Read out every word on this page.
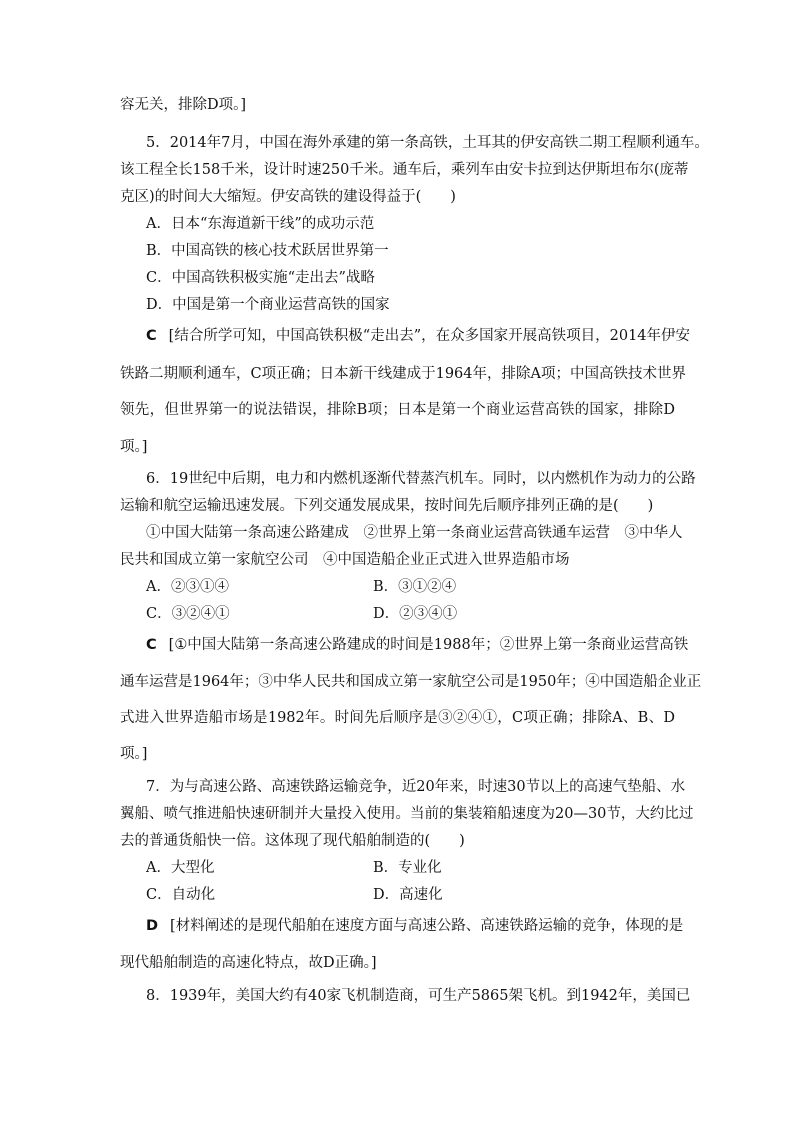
容无关，排除D项。]
5．2014年7月，中国在海外承建的第一条高铁，土耳其的伊安高铁二期工程顺利通车。
该工程全长158千米，设计时速250千米。通车后，乘列车由安卡拉到达伊斯坦布尔(庞蒂
克区)的时间大大缩短。伊安高铁的建设得益于(　　)
A．日本“东海道新干线”的成功示范
B．中国高铁的核心技术跃居世界第一
C．中国高铁积极实施“走出去”战略
D．中国是第一个商业运营高铁的国家
C [结合所学可知，中国高铁积极“走出去”，在众多国家开展高铁项目，2014年伊安
铁路二期顺利通车，C项正确；日本新干线建成于1964年，排除A项；中国高铁技术世界
领先，但世界第一的说法错误，排除B项；日本是第一个商业运营高铁的国家，排除D
项。]
6．19世纪中后期，电力和内燃机逐渐代替蒸汽机车。同时，以内燃机作为动力的公路
运输和航空运输迅速发展。下列交通发展成果，按时间先后顺序排列正确的是(　　)
①中国大陆第一条高速公路建成　②世界上第一条商业运营高铁通车运营　③中华人
民共和国成立第一家航空公司　④中国造船企业正式进入世界造船市场
A．②③①④	B．③①②④
C．③②④①	D．②③④①
C [①中国大陆第一条高速公路建成的时间是1988年；②世界上第一条商业运营高铁
通车运营是1964年；③中华人民共和国成立第一家航空公司是1950年；④中国造船企业正
式进入世界造船市场是1982年。时间先后顺序是③②④①，C项正确；排除A、B、D
项。]
7．为与高速公路、高速铁路运输竞争，近20年来，时速30节以上的高速气垫船、水
翼船、喷气推进船快速研制并大量投入使用。当前的集装箱船速度为20—30节，大约比过
去的普通货船快一倍。这体现了现代船舶制造的(　　)
A．大型化	B．专业化
C．自动化	D．高速化
D [材料阐述的是现代船舶在速度方面与高速公路、高速铁路运输的竞争，体现的是
现代船舶制造的高速化特点，故D正确。]
8．1939年，美国大约有40家飞机制造商，可生产5865架飞机。到1942年，美国已
